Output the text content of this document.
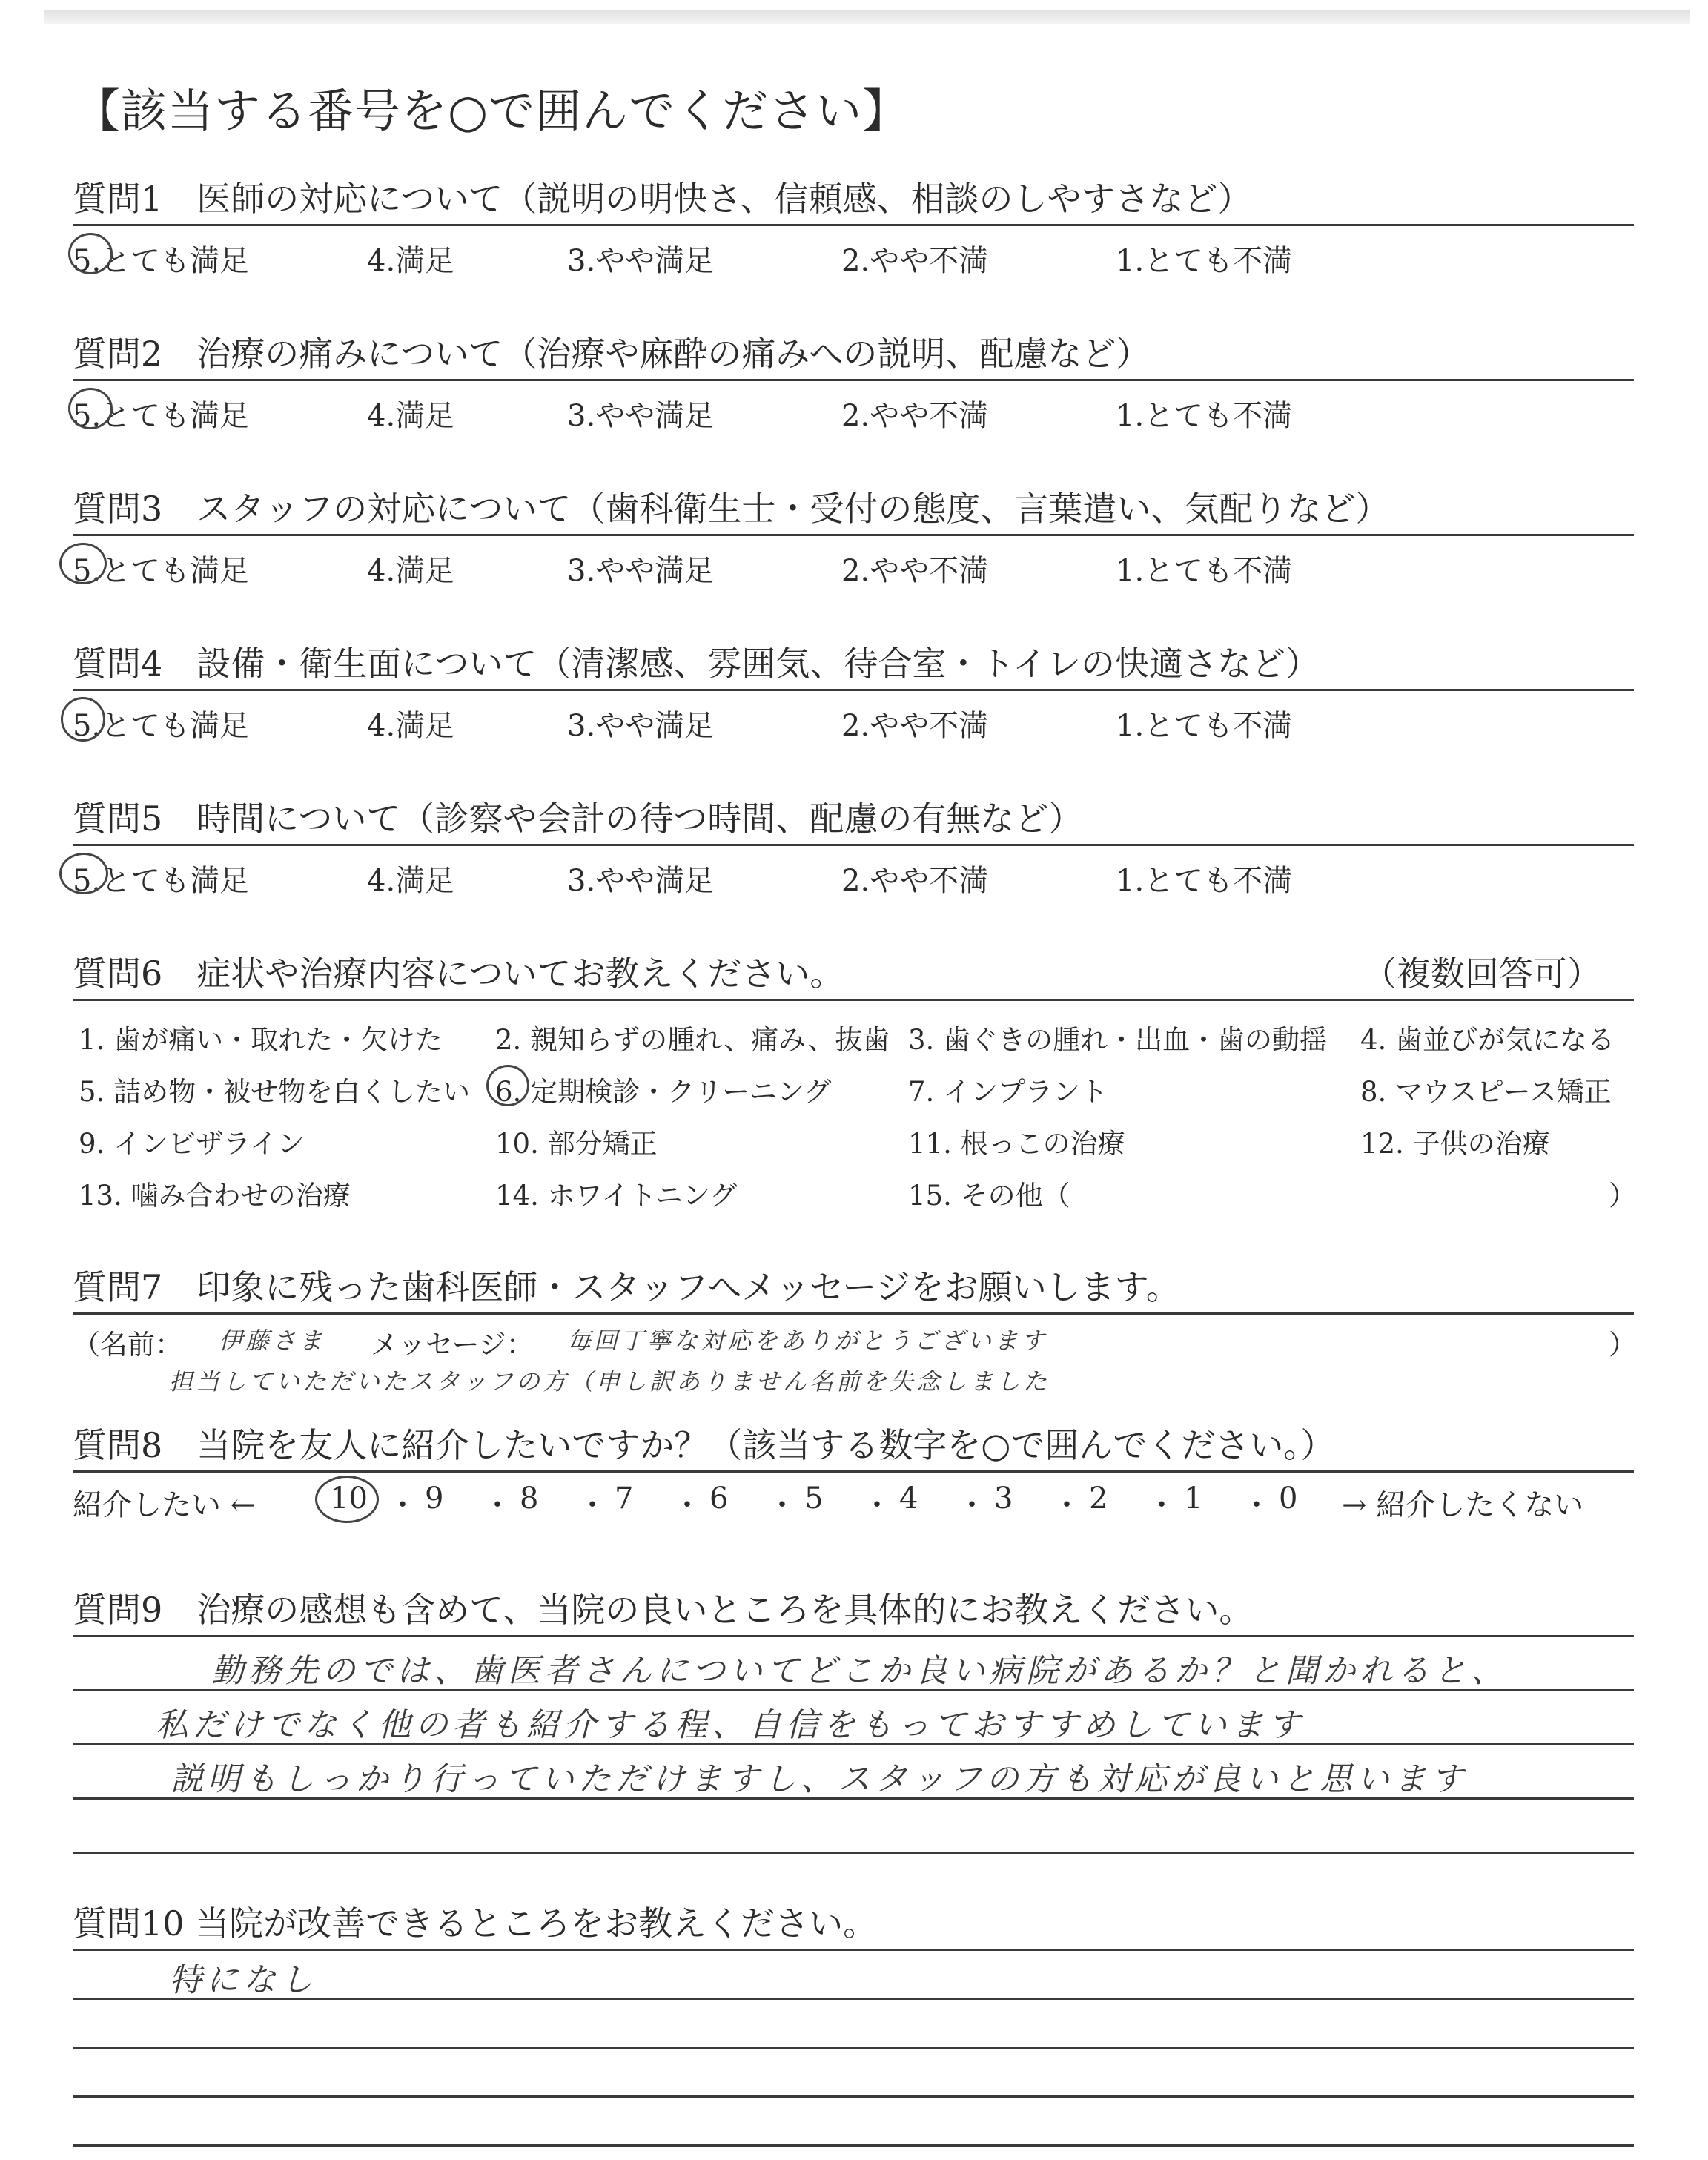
【該当する番号を○で囲んでください】
質問1　医師の対応について（説明の明快さ、信頼感、相談のしやすさなど）
5.とても満足	4.満足	3.やや満足	2.やや不満	1.とても不満
質問2　治療の痛みについて（治療や麻酔の痛みへの説明、配慮など）
5.とても満足	4.満足	3.やや満足	2.やや不満	1.とても不満
質問3　スタッフの対応について（歯科衛生士・受付の態度、言葉遣い、気配りなど）
5.とても満足	4.満足	3.やや満足	2.やや不満	1.とても不満
質問4　設備・衛生面について（清潔感、雰囲気、待合室・トイレの快適さなど）
5.とても満足	4.満足	3.やや満足	2.やや不満	1.とても不満
質問5　時間について（診察や会計の待つ時間、配慮の有無など）
5.とても満足	4.満足	3.やや満足	2.やや不満	1.とても不満
質問6　症状や治療内容についてお教えください。	（複数回答可）
1. 歯が痛い・取れた・欠けた 2. 親知らずの腫れ、痛み、抜歯 3. 歯ぐきの腫れ・出血・歯の動揺 4. 歯並びが気になる
5. 詰め物・被せ物を白くしたい 6. 定期検診・クリーニング	7. インプラント	8. マウスピース矯正
9. インビザライン	10. 部分矯正	11. 根っこの治療	12. 子供の治療
13. 噛み合わせの治療	14. ホワイトニング	15. その他（	）
質問7　印象に残った歯科医師・スタッフへメッセージをお願いします。
（名前： 伊藤さま メッセージ： 毎回丁寧な対応をありがとうございます	）
担当していただいたスタッフの方（申し訳ありません名前を失念しました
質問8　当院を友人に紹介したいですか？（該当する数字を○で囲んでください。）
紹介したい ←	10 ・ 9 ・ 8 ・ 7 ・ 6 ・ 5 ・ 4 ・ 3 ・ 2 ・ 1 ・ 0 → 紹介したくない
質問9　治療の感想も含めて、当院の良いところを具体的にお教えください。
勤務先のでは、歯医者さんについてどこか良い病院があるか？と聞かれると、
私だけでなく他の者も紹介する程、自信をもっておすすめしています
説明もしっかり行っていただけますし、スタッフの方も対応が良いと思います
質問10 当院が改善できるところをお教えください。
特になし
